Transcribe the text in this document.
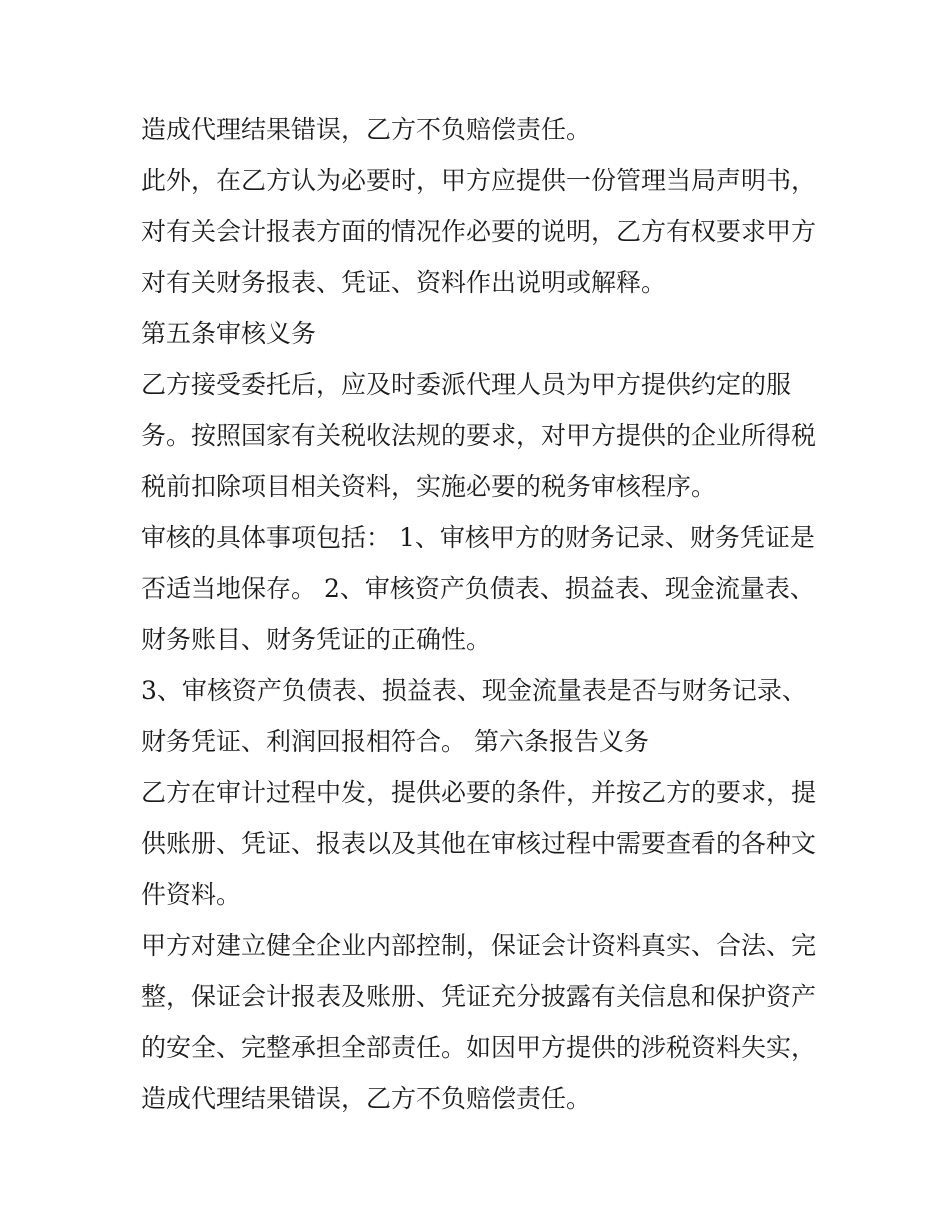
造成代理结果错误，乙方不负赔偿责任。
此外，在乙方认为必要时，甲方应提供一份管理当局声明书，
对有关会计报表方面的情况作必要的说明，乙方有权要求甲方
对有关财务报表、凭证、资料作出说明或解释。
第五条审核义务
乙方接受委托后，应及时委派代理人员为甲方提供约定的服
务。按照国家有关税收法规的要求，对甲方提供的企业所得税
税前扣除项目相关资料，实施必要的税务审核程序。
审核的具体事项包括： 1、审核甲方的财务记录、财务凭证是
否适当地保存。 2、审核资产负债表、损益表、现金流量表、
财务账目、财务凭证的正确性。
3、审核资产负债表、损益表、现金流量表是否与财务记录、
财务凭证、利润回报相符合。 第六条报告义务
乙方在审计过程中发，提供必要的条件，并按乙方的要求，提
供账册、凭证、报表以及其他在审核过程中需要查看的各种文
件资料。
甲方对建立健全企业内部控制，保证会计资料真实、合法、完
整，保证会计报表及账册、凭证充分披露有关信息和保护资产
的安全、完整承担全部责任。如因甲方提供的涉税资料失实，
造成代理结果错误，乙方不负赔偿责任。
